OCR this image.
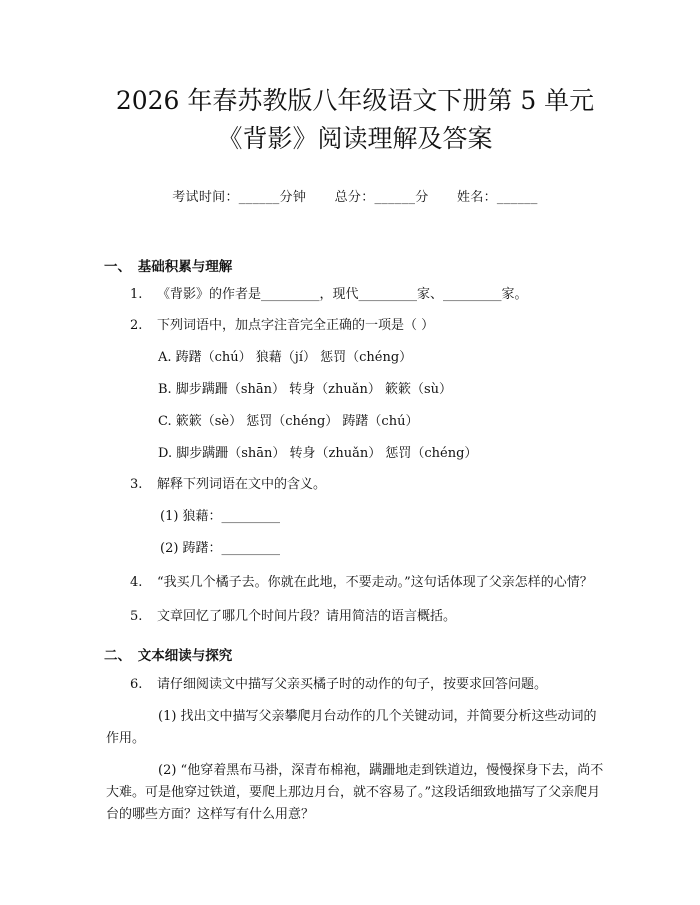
2026 年春苏教版八年级语文下册第 5 单元
《背影》阅读理解及答案
考试时间：______分钟 总分：______分 姓名：______
一、　基础积累与理解
1. 《背影》的作者是_________，现代_________家、_________家。
2. 下列词语中，加点字注音完全正确的一项是（ ）
A. 踌躇（chú） 狼藉（jí） 惩罚（chéng）
B. 脚步蹒跚（shān） 转身（zhuǎn） 簌簌（sù）
C. 簌簌（sè） 惩罚（chéng） 踌躇（chú）
D. 脚步蹒跚（shān） 转身（zhuǎn） 惩罚（chéng）
3. 解释下列词语在文中的含义。
(1) 狼藉：_________
(2) 踌躇：_________
4. “我买几个橘子去。你就在此地，不要走动。”这句话体现了父亲怎样的心情？
5. 文章回忆了哪几个时间片段？请用简洁的语言概括。
二、　文本细读与探究
6. 请仔细阅读文中描写父亲买橘子时的动作的句子，按要求回答问题。
(1) 找出文中描写父亲攀爬月台动作的几个关键动词，并简要分析这些动词的作用。
(2) “他穿着黑布马褂，深青布棉袍，蹒跚地走到铁道边，慢慢探身下去，尚不大难。可是他穿过铁道，要爬上那边月台，就不容易了。”这段话细致地描写了父亲爬月台的哪些方面？这样写有什么用意？
